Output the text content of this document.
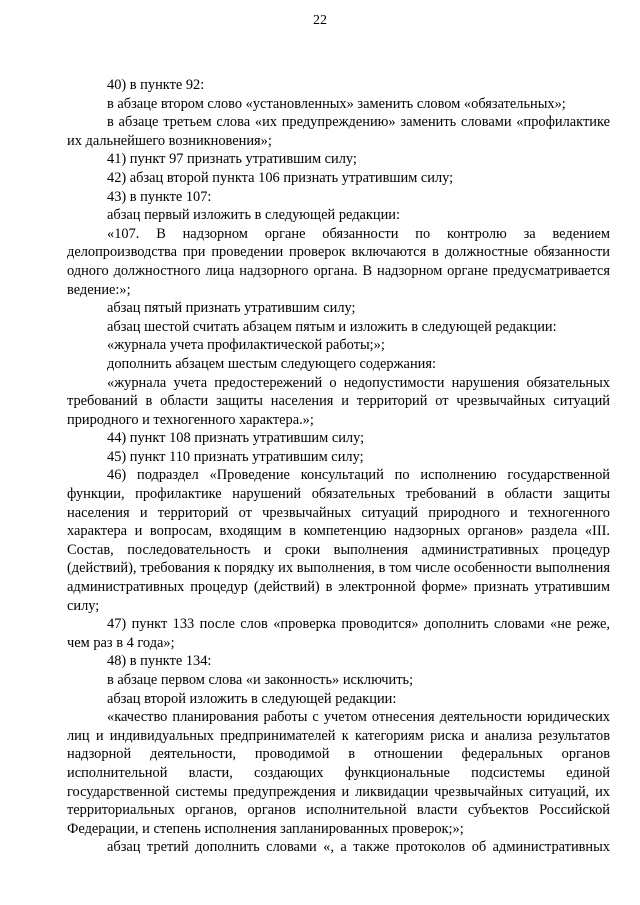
22

40) в пункте 92:

в абзаце втором слово «установленных» заменить словом «обязательных»;

в абзаце третьем слова «их предупреждению» заменить словами «профилактике их дальнейшего возникновения»;

41) пункт 97 признать утратившим силу;

42) абзац второй пункта 106 признать утратившим силу;

43) в пункте 107:

абзац первый изложить в следующей редакции:

«107. В надзорном органе обязанности по контролю за ведением делопроизводства при проведении проверок включаются в должностные обязанности одного должностного лица надзорного органа. В надзорном органе предусматривается ведение:»;

абзац пятый признать утратившим силу;

абзац шестой считать абзацем пятым и изложить в следующей редакции:

«журнала учета профилактической работы;»;

дополнить абзацем шестым следующего содержания:

«журнала учета предостережений о недопустимости нарушения обязательных требований в области защиты населения и территорий от чрезвычайных ситуаций природного и техногенного характера.»;

44) пункт 108 признать утратившим силу;

45) пункт 110 признать утратившим силу;

46) подраздел «Проведение консультаций по исполнению государственной функции, профилактике нарушений обязательных требований в области защиты населения и территорий от чрезвычайных ситуаций природного и техногенного характера и вопросам, входящим в компетенцию надзорных органов» раздела «III. Состав, последовательность и сроки выполнения административных процедур (действий), требования к порядку их выполнения, в том числе особенности выполнения административных процедур (действий) в электронной форме» признать утратившим силу;

47) пункт 133 после слов «проверка проводится» дополнить словами «не реже, чем раз в 4 года»;

48) в пункте 134:

в абзаце первом слова «и законность» исключить;

абзац второй изложить в следующей редакции:

«качество планирования работы с учетом отнесения деятельности юридических лиц и индивидуальных предпринимателей к категориям риска и анализа результатов надзорной деятельности, проводимой в отношении федеральных органов исполнительной власти, создающих функциональные подсистемы единой государственной системы предупреждения и ликвидации чрезвычайных ситуаций, их территориальных органов, органов исполнительной власти субъектов Российской Федерации, и степень исполнения запланированных проверок;»;

абзац третий дополнить словами «, а также протоколов об административных
